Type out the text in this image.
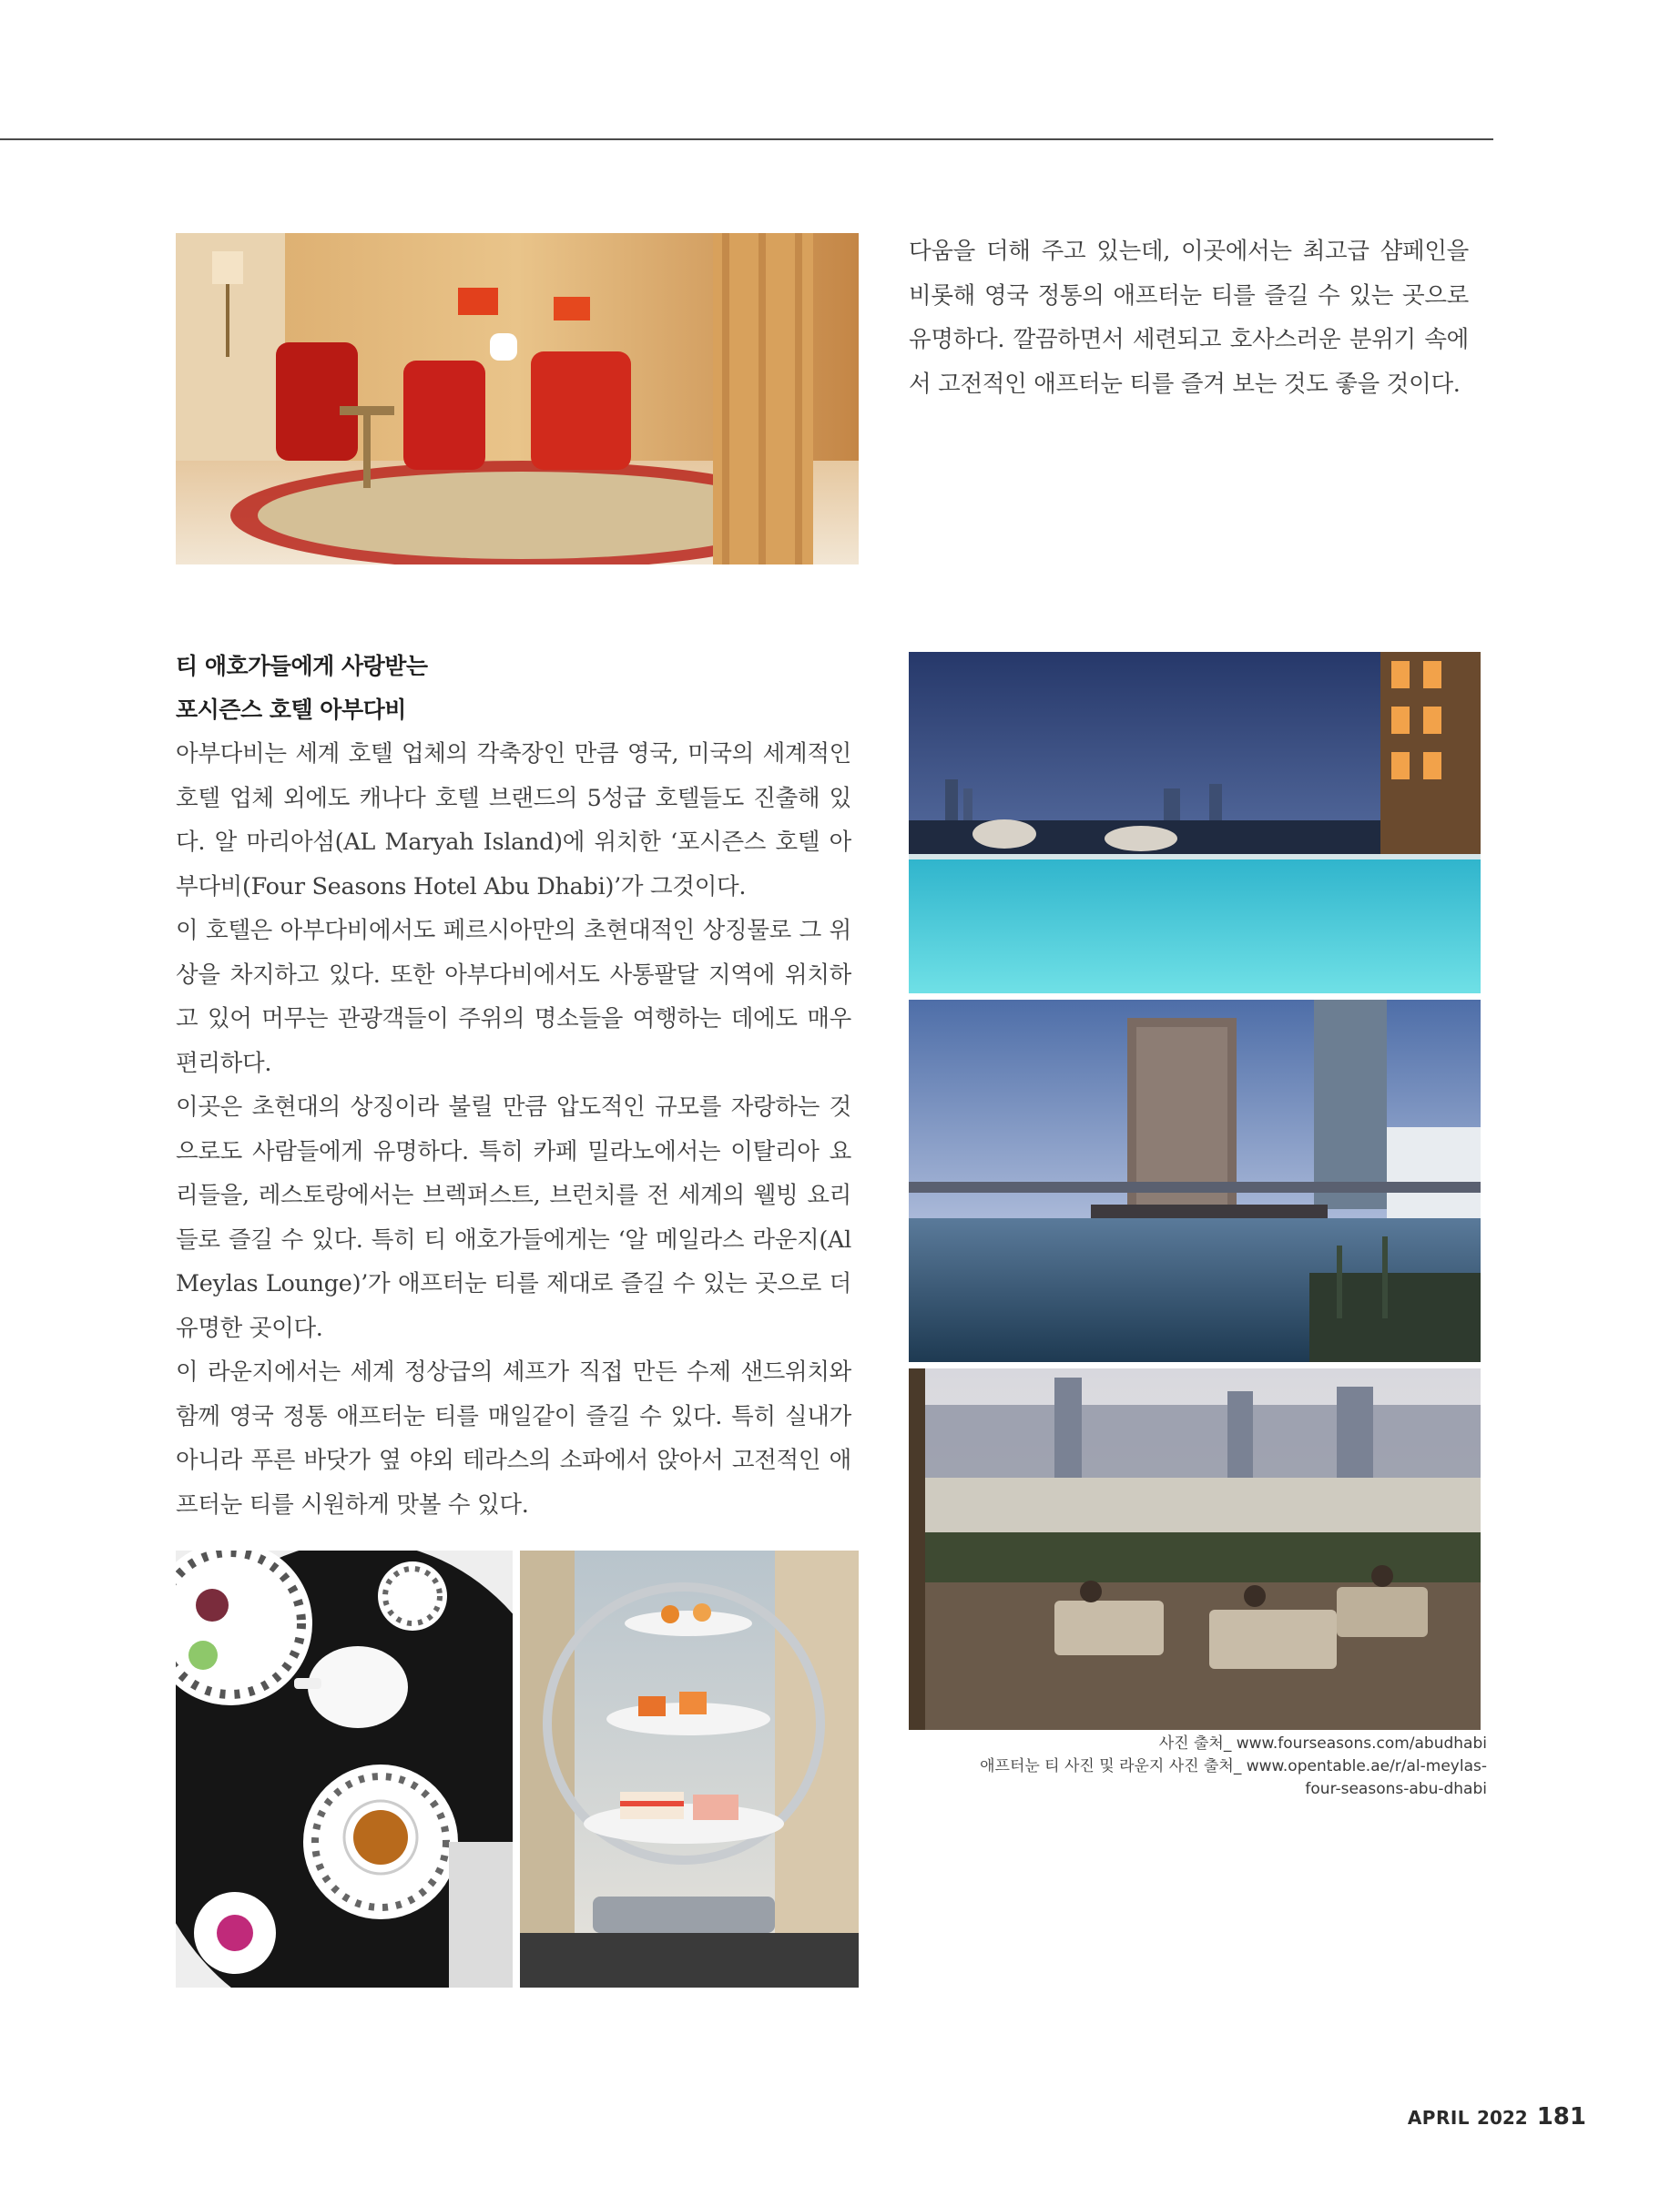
다움을 더해 주고 있는데, 이곳에서는 최고급 샴페인을 비롯해 영국 정통의 애프터눈 티를 즐길 수 있는 곳으로 유명하다. 깔끔하면서 세련되고 호사스러운 분위기 속에서 고전적인 애프터눈 티를 즐겨 보는 것도 좋을 것이다.
티 애호가들에게 사랑받는
포시즌스 호텔 아부다비

아부다비는 세계 호텔 업체의 각축장인 만큼 영국, 미국의 세계적인 호텔 업체 외에도 캐나다 호텔 브랜드의 5성급 호텔들도 진출해 있다. 알 마리아섬(AL Maryah Island)에 위치한 ‘포시즌스 호텔 아부다비(Four Seasons Hotel Abu Dhabi)’가 그것이다.

이 호텔은 아부다비에서도 페르시아만의 초현대적인 상징물로 그 위상을 차지하고 있다. 또한 아부다비에서도 사통팔달 지역에 위치하고 있어 머무는 관광객들이 주위의 명소들을 여행하는 데에도 매우 편리하다.

이곳은 초현대의 상징이라 불릴 만큼 압도적인 규모를 자랑하는 것으로도 사람들에게 유명하다. 특히 카페 밀라노에서는 이탈리아 요리들을, 레스토랑에서는 브렉퍼스트, 브런치를 전 세계의 웰빙 요리들로 즐길 수 있다. 특히 티 애호가들에게는 ‘알 메일라스 라운지(Al Meylas Lounge)’가 애프터눈 티를 제대로 즐길 수 있는 곳으로 더 유명한 곳이다.

이 라운지에서는 세계 정상급의 셰프가 직접 만든 수제 샌드위치와 함께 영국 정통 애프터눈 티를 매일같이 즐길 수 있다. 특히 실내가 아니라 푸른 바닷가 옆 야외 테라스의 소파에서 앉아서 고전적인 애프터눈 티를 시원하게 맛볼 수 있다.

사진 출처_ www.fourseasons.com/abudhabi
애프터눈 티 사진 및 라운지 사진 출처_ www.opentable.ae/r/al-meylas-
four-seasons-abu-dhabi
APRIL 2022 181
